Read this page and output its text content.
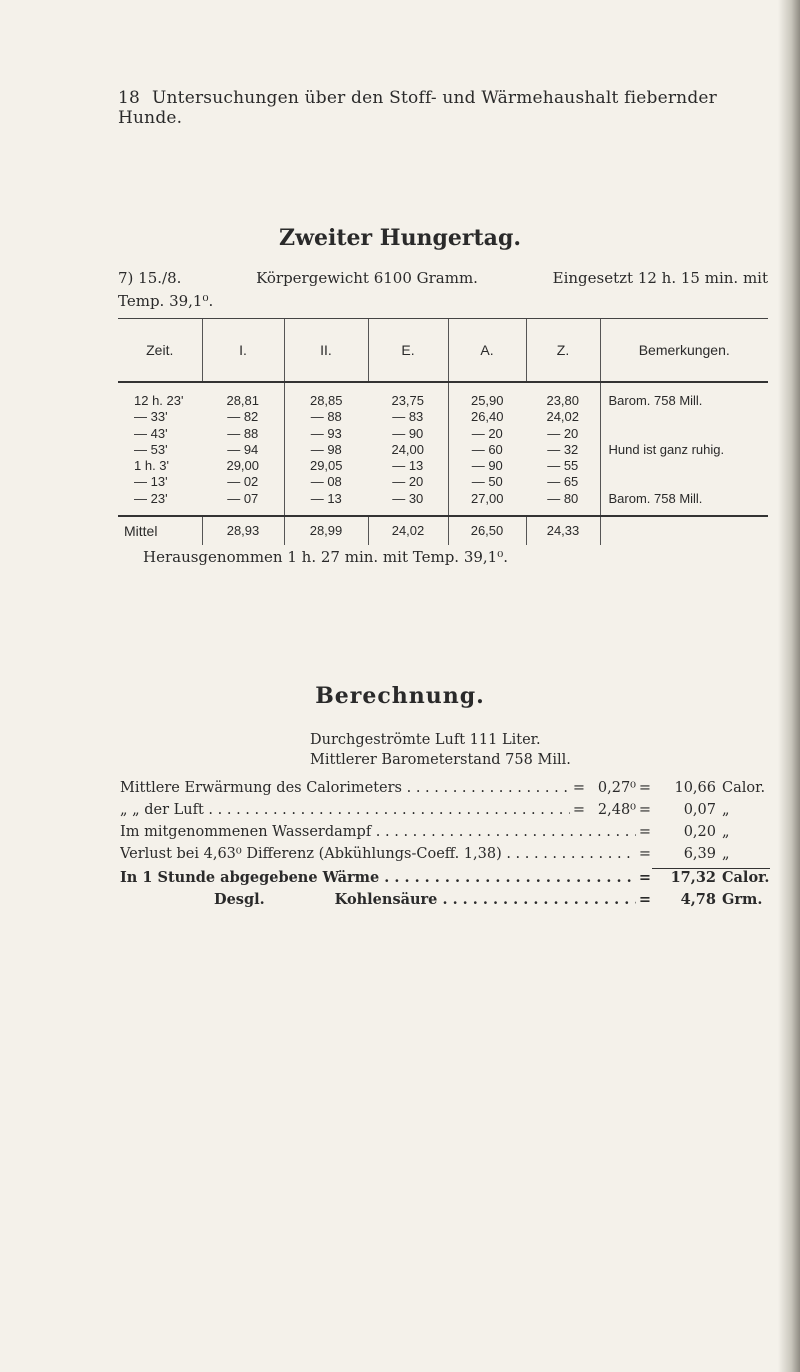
18 Untersuchungen über den Stoff- und Wärmehaushalt fiebernder Hunde.
Zweiter Hungertag.
7) 15./8.	Körpergewicht 6100 Gramm.	Eingesetzt 12 h. 15 min. mit
Temp. 39,1⁰.
Zeit.	I.	II.	E.	A.	Z.	Bemerkungen.
12 h. 23'	28,81	28,85	23,75	25,90	23,80	Barom. 758 Mill.
— 33'	— 82	— 88	— 83	26,40	24,02	
— 43'	— 88	— 93	— 90	— 20	— 20	
— 53'	— 94	— 98	24,00	— 60	— 32	Hund ist ganz ruhig.
1 h. 3'	29,00	29,05	— 13	— 90	— 55	
— 13'	— 02	— 08	— 20	— 50	— 65	
— 23'	— 07	— 13	— 30	27,00	— 80	Barom. 758 Mill.
Mittel	28,93	28,99	24,02	26,50	24,33	
Herausgenommen 1 h. 27 min. mit Temp. 39,1⁰.
Berechnung.
Durchgeströmte Luft 111 Liter.
Mittlerer Barometerstand 758 Mill.
Mittlere Erwärmung des Calorimeters . . .	= 0,27⁰ =	10,66 Calor.
„ „ der Luft . . .	= 2,48⁰ =	0,07 „
Im mitgenommenen Wasserdampf . . .	=	0,20 „
Verlust bei 4,63⁰ Differenz (Abkühlungs-Coeff. 1,38) . . .	=	6,39 „
In 1 Stunde abgegebene Wärme . . .	=	17,32 Calor.
Desgl.	Kohlensäure . . .	=	4,78 Grm.
